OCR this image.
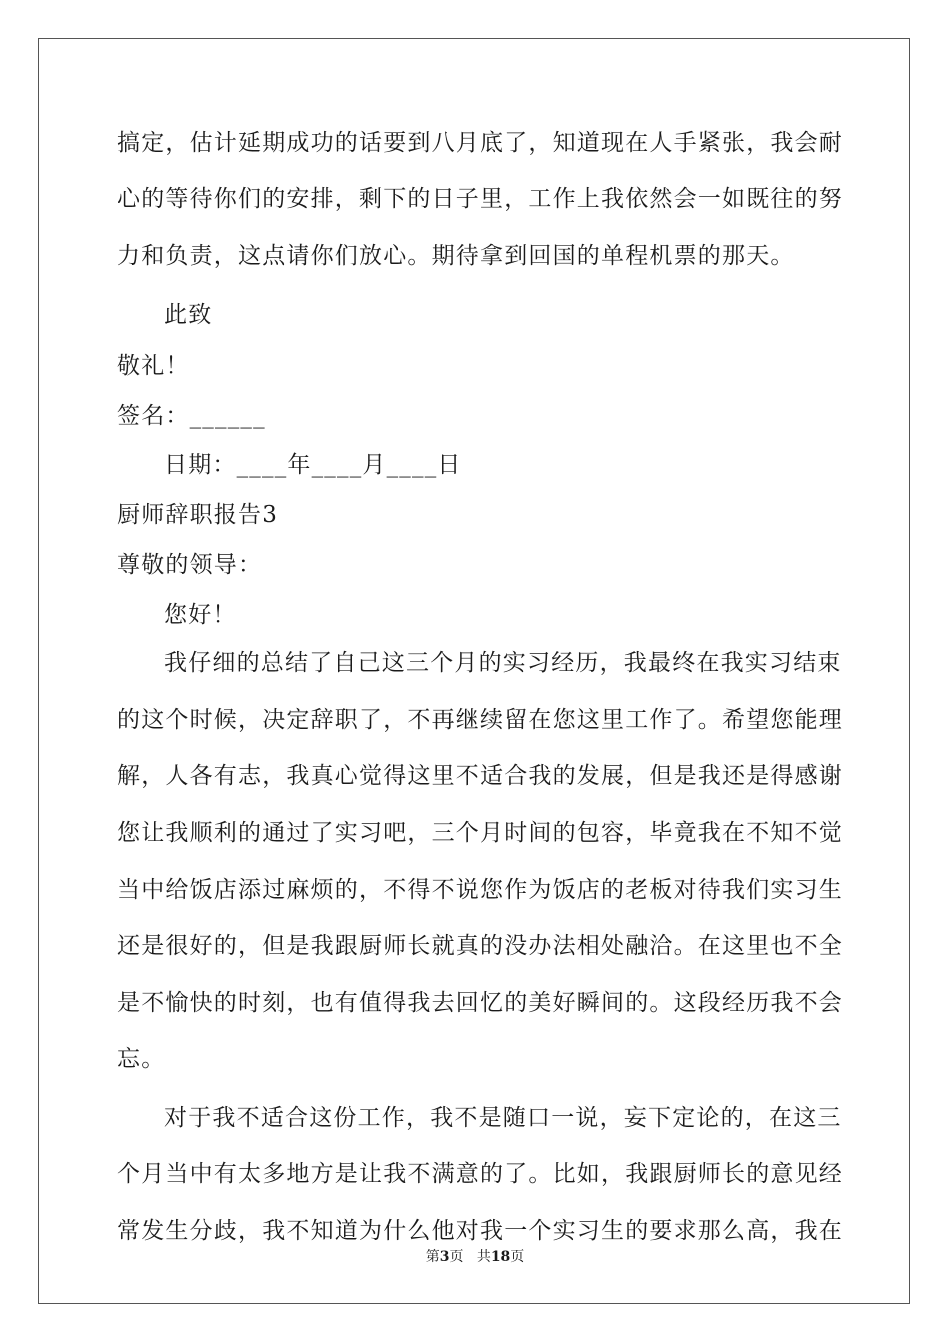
搞定，估计延期成功的话要到八月底了，知道现在人手紧张，我会耐
心的等待你们的安排，剩下的日子里，工作上我依然会一如既往的努
力和负责，这点请你们放心。期待拿到回国的单程机票的那天。
此致
敬礼！
签名：______
日期：____年____月____日
厨师辞职报告3
尊敬的领导：
您好！
我仔细的总结了自己这三个月的实习经历，我最终在我实习结束
的这个时候，决定辞职了，不再继续留在您这里工作了。希望您能理
解，人各有志，我真心觉得这里不适合我的发展，但是我还是得感谢
您让我顺利的通过了实习吧，三个月时间的包容，毕竟我在不知不觉
当中给饭店添过麻烦的，不得不说您作为饭店的老板对待我们实习生
还是很好的，但是我跟厨师长就真的没办法相处融洽。在这里也不全
是不愉快的时刻，也有值得我去回忆的美好瞬间的。这段经历我不会
忘。
对于我不适合这份工作，我不是随口一说，妄下定论的，在这三
个月当中有太多地方是让我不满意的了。比如，我跟厨师长的意见经
常发生分歧，我不知道为什么他对我一个实习生的要求那么高，我在
第3页 共18页
